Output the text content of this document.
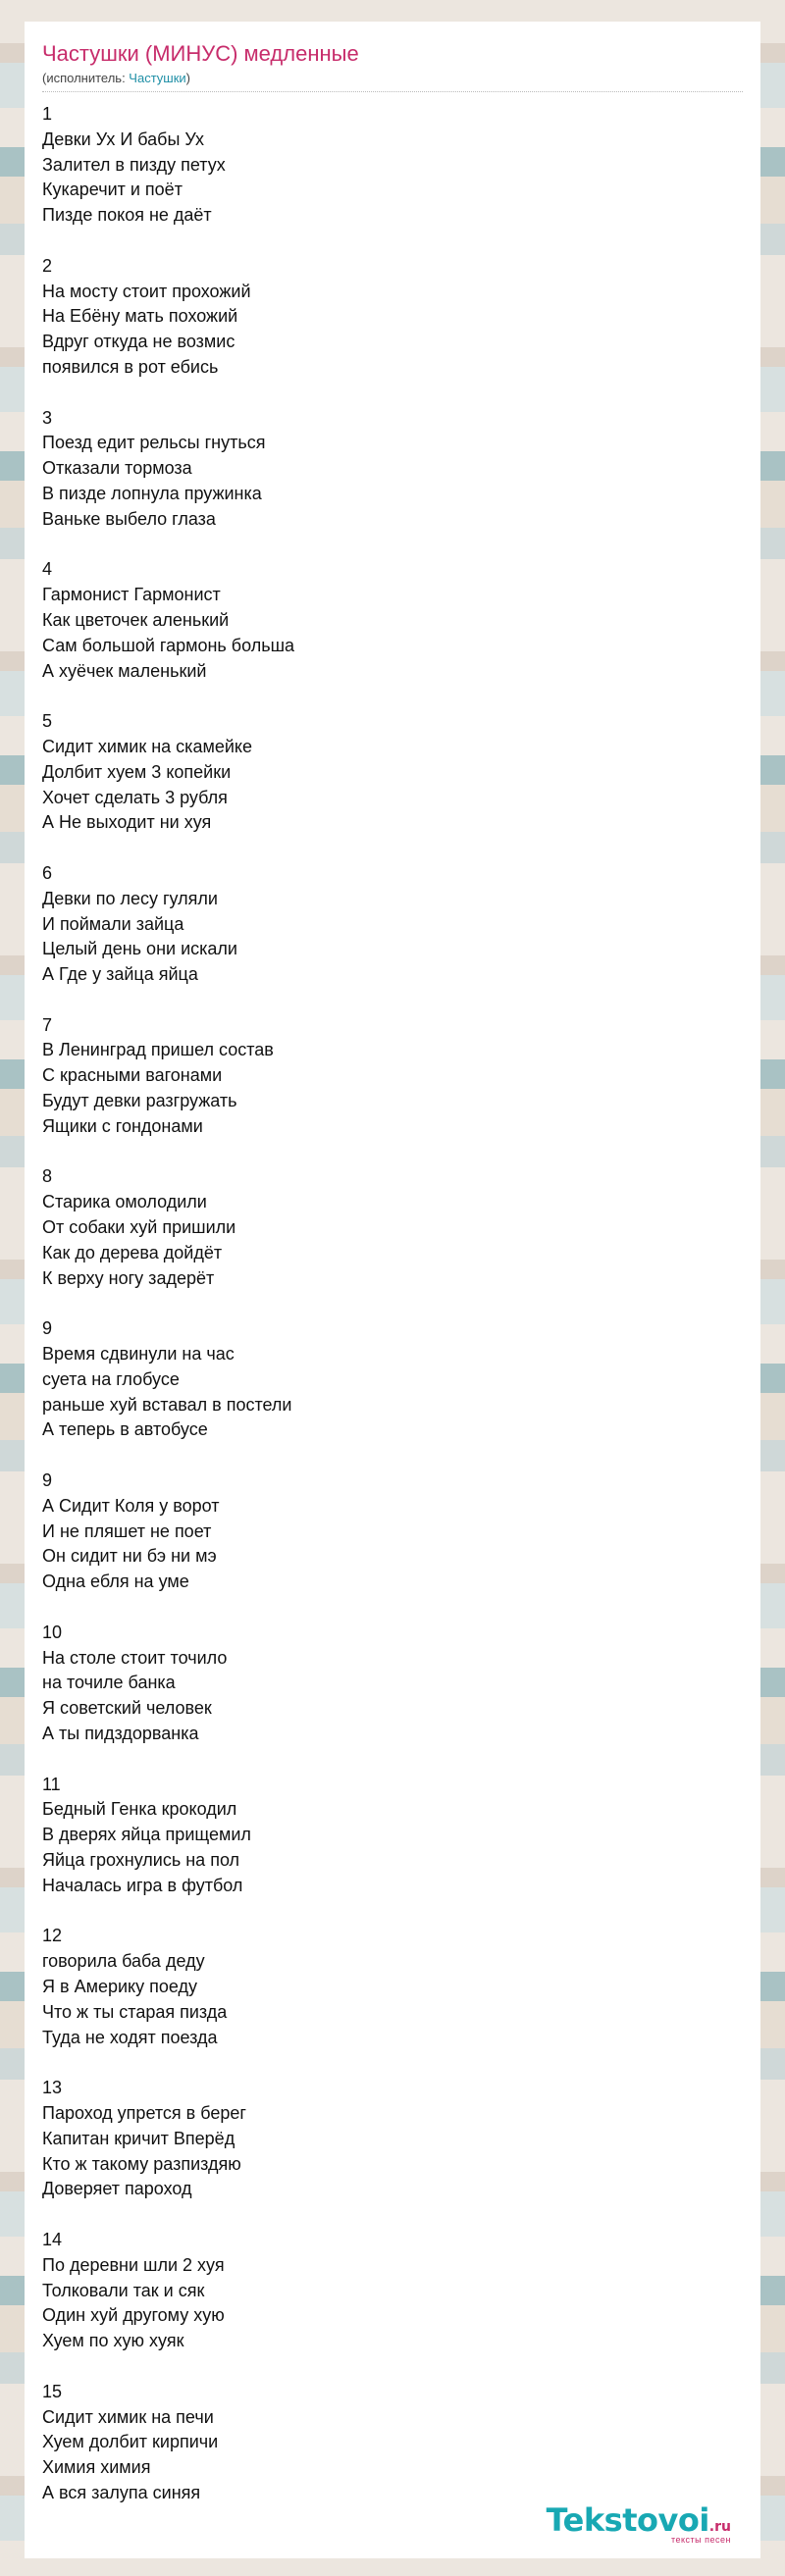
Частушки (МИНУС) медленные
(исполнитель: Частушки)
1
Девки Ух И бабы Ух
Залител в пизду петух
Кукаречит и поёт
Пизде покоя не даёт
2
На мосту стоит прохожий
На Ебёну мать похожий
Вдруг откуда не возмис
появился в рот ебись
3
Поезд едит рельсы гнуться
Отказали тормоза
В пизде лопнула пружинка
Ваньке выбело глаза
4
Гармонист Гармонист
Как цветочек аленький
Сам большой гармонь больша
А хуёчек маленький
5
Сидит химик на скамейке
Долбит хуем 3 копейки
Хочет сделать 3 рубля
А Не выходит ни хуя
6
Девки по лесу гуляли
И поймали зайца
Целый день они искали
А Где у зайца яйца
7
В Ленинград пришел состав
С красными вагонами
Будут девки разгружать
Ящики с гондонами
8
Старика омолодили
От собаки хуй пришили
Как до дерева дойдёт
К верху ногу задерёт
9
Время сдвинули на час
суета на глобусе
раньше хуй вставал в постели
А теперь в автобусе
9
А Сидит Коля у ворот
И не пляшет не поет
Он сидит ни бэ ни мэ
Одна ебля на уме
10
На столе стоит точило
на точиле банка
Я советский человек
А ты пидздорванка
11
Бедный Генка крокодил
В дверях яйца прищемил
Яйца грохнулись на пол
Началась игра в футбол
12
говорила баба деду
Я в Америку поеду
Что ж ты старая пизда
Туда не ходят поезда
13
Пароход упрется в берег
Капитан кричит Вперёд
Кто ж такому разпиздяю
Доверяет пароход
14
По деревни шли 2 хуя
Толковали так и сяк
Один хуй другому хую
Хуем по хую хуяк
15
Сидит химик на печи
Хуем долбит кирпичи
Химия химия
А вся залупа синяя
Tekstovoi.ru
тексты песен
